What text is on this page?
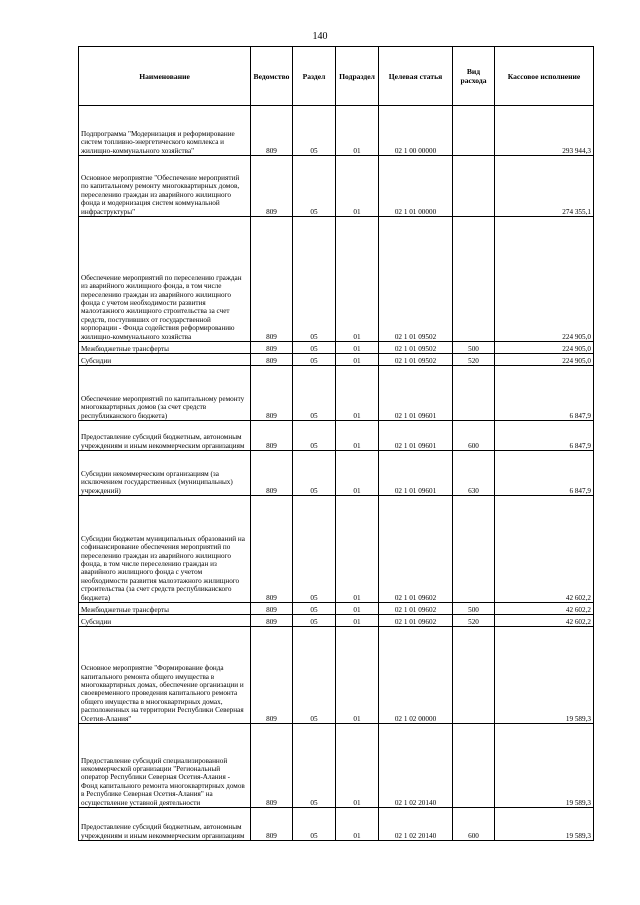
140
Наименование	Ведомство	Раздел	Подраздел	Целевая статья	Вид расхода	Кассовое исполнение
Подпрограмма "Модернизация и реформирование систем топливно-энергетического комплекса и жилищно-коммунального хозяйства"	809	05	01	02 1 00 00000		293 944,3
Основное мероприятие "Обеспечение мероприятий по капитальному ремонту многоквартирных домов, переселению граждан из аварийного жилищного фонда и модернизация систем коммунальной инфраструктуры"	809	05	01	02 1 01 00000		274 355,1
Обеспечение мероприятий по переселению граждан из аварийного жилищного фонда, в том числе переселению граждан из аварийного жилищного фонда с учетом необходимости развития малоэтажного жилищного строительства за счет средств, поступивших от государственной корпорации - Фонда содействия реформированию жилищно-коммунального хозяйства	809	05	01	02 1 01 09502		224 905,0
Межбюджетные трансферты	809	05	01	02 1 01 09502	500	224 905,0
Субсидии	809	05	01	02 1 01 09502	520	224 905,0
Обеспечение мероприятий по капитальному ремонту многоквартирных домов (за счет средств республиканского бюджета)	809	05	01	02 1 01 09601		6 847,9
Предоставление субсидий бюджетным, автономным учреждениям и иным некоммерческим организациям	809	05	01	02 1 01 09601	600	6 847,9
Субсидии некоммерческим организациям (за исключением государственных (муниципальных) учреждений)	809	05	01	02 1 01 09601	630	6 847,9
Субсидии бюджетам муниципальных образований на софинансирование обеспечения мероприятий по переселению граждан из аварийного жилищного фонда, в том числе переселению граждан из аварийного жилищного фонда с учетом необходимости развития малоэтажного жилищного строительства (за счет средств республиканского бюджета)	809	05	01	02 1 01 09602		42 602,2
Межбюджетные трансферты	809	05	01	02 1 01 09602	500	42 602,2
Субсидии	809	05	01	02 1 01 09602	520	42 602,2
Основное мероприятие "Формирование фонда капитального ремонта общего имущества в многоквартирных домах, обеспечение организации и своевременного проведения капитального ремонта общего имущества в многоквартирных домах, расположенных на территории Республики Северная Осетия-Алания"	809	05	01	02 1 02 00000		19 589,3
Предоставление субсидий специализированной некоммерческой организации "Региональный оператор Республики Северная Осетия-Алания - Фонд капитального ремонта многоквартирных домов в Республике Северная Осетия-Алания" на осуществление уставной деятельности	809	05	01	02 1 02 20140		19 589,3
Предоставление субсидий бюджетным, автономным учреждениям и иным некоммерческим организациям	809	05	01	02 1 02 20140	600	19 589,3
